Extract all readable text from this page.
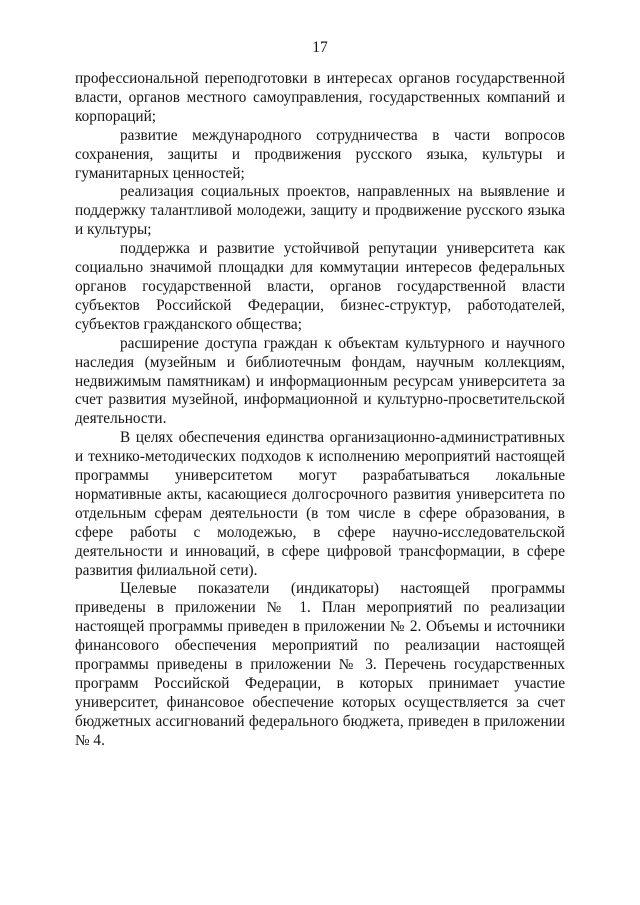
17

профессиональной переподготовки в интересах органов государственной власти, органов местного самоуправления, государственных компаний и корпораций;

развитие международного сотрудничества в части вопросов сохранения, защиты и продвижения русского языка, культуры и гуманитарных ценностей;

реализация социальных проектов, направленных на выявление и поддержку талантливой молодежи, защиту и продвижение русского языка и культуры;

поддержка и развитие устойчивой репутации университета как социально значимой площадки для коммутации интересов федеральных органов государственной власти, органов государственной власти субъектов Российской Федерации, бизнес-структур, работодателей, субъектов гражданского общества;

расширение доступа граждан к объектам культурного и научного наследия (музейным и библиотечным фондам, научным коллекциям, недвижимым памятникам) и информационным ресурсам университета за счет развития музейной, информационной и культурно-просветительской деятельности.

В целях обеспечения единства организационно-административных и технико-методических подходов к исполнению мероприятий настоящей программы университетом могут разрабатываться локальные нормативные акты, касающиеся долгосрочного развития университета по отдельным сферам деятельности (в том числе в сфере образования, в сфере работы с молодежью, в сфере научно-исследовательской деятельности и инноваций, в сфере цифровой трансформации, в сфере развития филиальной сети).

Целевые показатели (индикаторы) настоящей программы приведены в приложении № 1. План мероприятий по реализации настоящей программы приведен в приложении № 2. Объемы и источники финансового обеспечения мероприятий по реализации настоящей программы приведены в приложении № 3. Перечень государственных программ Российской Федерации, в которых принимает участие университет, финансовое обеспечение которых осуществляется за счет бюджетных ассигнований федерального бюджета, приведен в приложении № 4.
